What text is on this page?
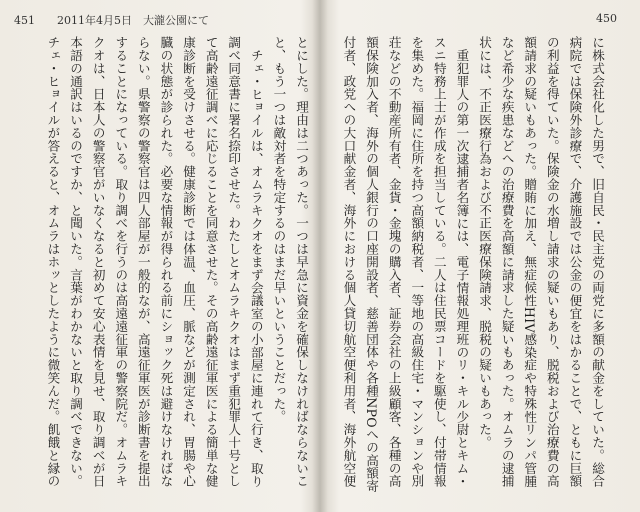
451 2011年4月5日　大瀧公園にて	450

とにした。理由は二つあった。一つは早急に資金を確保しなければならないこと、もう一つは敵対者を特定するのはまだ早いということだった。

チェ・ヒョイルは、オムラキクオをまず会議室の小部屋に連れて行き、取り調べ同意書に署名捺印させた。わたしとオムラキクオはまず重犯罪人十号として高齢遠征調べに応じることを同意させた。その高齢遠征軍医による簡単な健康診断を受けさせる。健康診断では体温、血圧、脈などが測定され、胃腸や心臓の状態が診られた。必要な情報が得られる前にショック死は避けなければならない。県警察の警察官は四人部屋が一般的なが、高遠征軍医が診断書を提出することになっている。取り調べを行うのは高遠遠征軍の警察院だ。オムラキクオは、日本人の警察官がいなくなると初めて安心表情を見せ、取り調べが日本語の通訳はいるのですか、と聞いた。言葉がわかないと取り調べできない。チェ・ヒョイルが答えると、オムラはホッとしたように微笑んだ。飢餓と縁の	に株式会社化した男で、旧自民・民主党の両党に多額の献金をしていた。総合病院では保険外診療で、介護施設では公金の便宜をはかることで、ともに巨額の利益を得ていた。保険金の水増し請求の疑いもあり、脱税および治療費の高額請求の疑いもあった。贈賄に加え、無症候性HIV感染症や特殊性リンパ管腫など希少な疾患などへの治療費を高額に請求した疑いもあった。オムラの逮捕状には、不正医療行為および不正医療保険請求、脱税の疑いもあった。

重犯罪人の第一次逮捕者名簿には、電子情報処理班のリ・キル少尉とキム・スニ特務上士が作成を担当している。二人は住民票コードを駆使し、付帯情報を集めた。福岡に住所を持つ高額納税者、一等地の高級住宅・マンションや別荘などの不動産所有者、金貨・金塊の購入者、証券会社の上級顧客、各種の高額保険加入者、海外の個人銀行の口座開設者、慈善団体や各種NPOへの高額寄付者、政党への大口献金者、海外における個人貸切航空便利用者、海外航空便
